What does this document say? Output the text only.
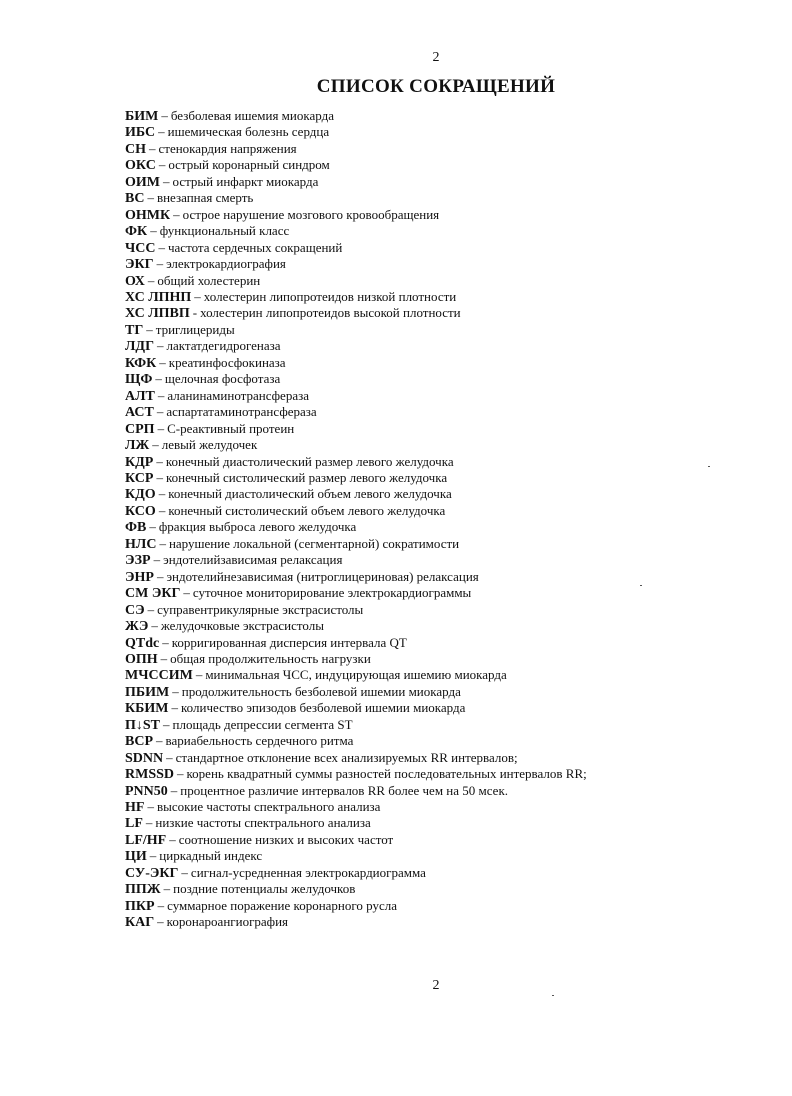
2
СПИСОК СОКРАЩЕНИЙ
БИМ – безболевая ишемия миокарда
ИБС – ишемическая болезнь сердца
СН – стенокардия напряжения
ОКС – острый коронарный синдром
ОИМ – острый инфаркт миокарда
ВС – внезапная смерть
ОНМК – острое нарушение мозгового кровообращения
ФК – функциональный класс
ЧСС – частота сердечных сокращений
ЭКГ – электрокардиография
ОХ – общий холестерин
ХС ЛПНП – холестерин липопротеидов низкой плотности
ХС ЛПВП - холестерин липопротеидов высокой плотности
ТГ – триглицериды
ЛДГ – лактатдегидрогеназа
КФК – креатинфосфокиназа
ЩФ – щелочная фосфотаза
АЛТ – аланинаминотрансфераза
АСТ – аспартатаминотрансфераза
СРП – С-реактивный протеин
ЛЖ – левый желудочек
КДР – конечный диастолический размер левого желудочка
КСР – конечный систолический размер левого желудочка
КДО – конечный диастолический объем левого желудочка
КСО – конечный систолический объем левого желудочка
ФВ – фракция выброса левого желудочка
НЛС – нарушение локальной (сегментарной) сократимости
ЭЗР – эндотелийзависимая релаксация
ЭНР – эндотелийнезависимая (нитроглицериновая) релаксация
СМ ЭКГ – суточное мониторирование электрокардиограммы
СЭ – суправентрикулярные экстрасистолы
ЖЭ – желудочковые экстрасистолы
QTdc – корригированная дисперсия интервала QT
ОПН – общая продолжительность нагрузки
МЧССИМ – минимальная ЧСС, индуцирующая ишемию миокарда
ПБИМ – продолжительность безболевой ишемии миокарда
КБИМ – количество эпизодов безболевой ишемии миокарда
П↓ST – площадь депрессии сегмента ST
ВСР – вариабельность сердечного ритма
SDNN – стандартное отклонение всех анализируемых RR интервалов;
RMSSD – корень квадратный суммы разностей последовательных интервалов RR;
PNN50 – процентное различие интервалов RR более чем на 50 мсек.
HF – высокие частоты спектрального анализа
LF – низкие частоты спектрального анализа
LF/HF – соотношение низких и высоких частот
ЦИ – циркадный индекс
СУ-ЭКГ – сигнал-усредненная электрокардиограмма
ППЖ – поздние потенциалы желудочков
ПКР – суммарное поражение коронарного русла
КАГ – коронароангиография
2
